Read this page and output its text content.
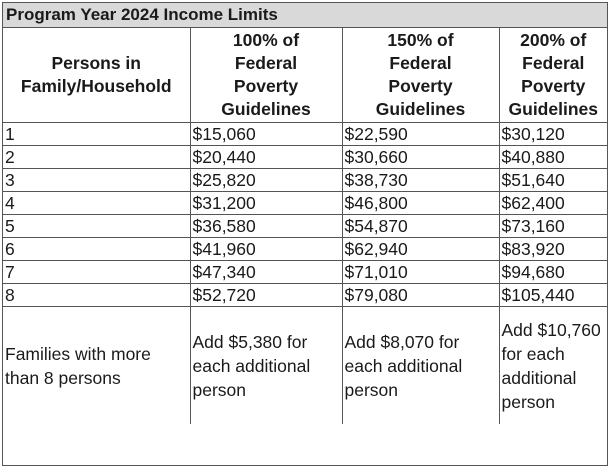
Program Year 2024 Income Limits
Persons in
Family/Household	100% of
Federal
Poverty
Guidelines	150% of
Federal
Poverty
Guidelines	200% of
Federal
Poverty
Guidelines

1	$15,060	$22,590	$30,120
2	$20,440	$30,660	$40,880
3	$25,820	$38,730	$51,640
4	$31,200	$46,800	$62,400
5	$36,580	$54,870	$73,160
6	$41,960	$62,940	$83,920
7	$47,340	$71,010	$94,680
8	$52,720	$79,080	$105,440
Families with more than 8 persons	Add $5,380 for each additional person	Add $8,070 for each additional person	Add $10,760 for each additional person
